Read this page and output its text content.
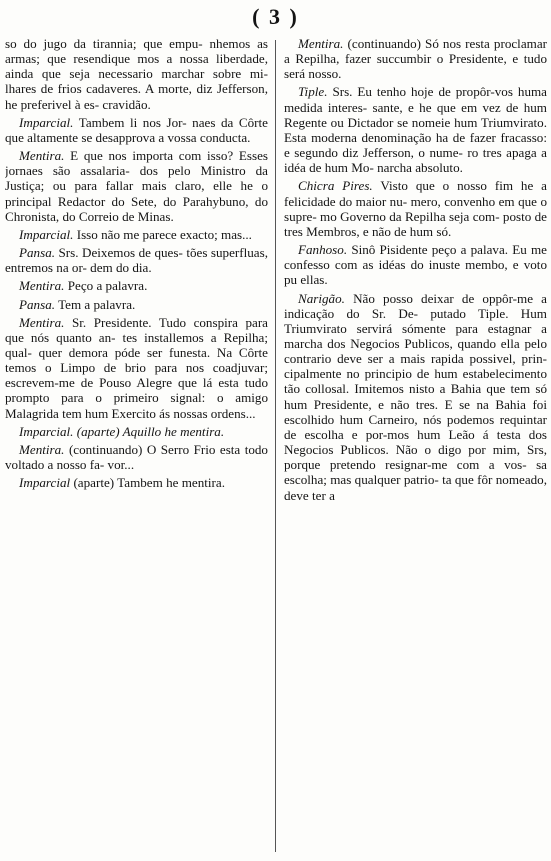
( 3 )

so do jugo da tirannia; que empu- nhemos as armas; que resendique mos a nossa liberdade, ainda que seja necessario marchar sobre mi- lhares de frios cadaveres. A morte, diz Jefferson, he preferivel à es- cravidão.

Imparcial. Tambem li nos Jor- naes da Côrte que altamente se desapprova a vossa conducta.

Mentira. E que nos importa com isso? Esses jornaes são assalaria- dos pelo Ministro da Justiça; ou para fallar mais claro, elle he o principal Redactor do Sete, do Parahybuno, do Chronista, do Correio de Minas.

Imparcial. Isso não me parece exacto; mas...

Pansa. Srs. Deixemos de ques- tões superfluas, entremos na or- dem do dia.

Mentira. Peço a palavra.

Pansa. Tem a palavra.

Mentira. Sr. Presidente. Tudo conspira para que nós quanto an- tes installemos a Repilha; qual- quer demora póde ser funesta. Na Côrte temos o Limpo de brio para nos coadjuvar; escrevem-me de Pouso Alegre que lá esta tudo prompto para o primeiro signal: o amigo Malagrida tem hum Exercito ás nossas ordens...

Imparcial. (aparte) Aquillo he mentira.

Mentira. (continuando) O Serro Frio esta todo voltado a nosso fa- vor...

Imparcial (aparte) Tambem he mentira.

Mentira. (continuando) Só nos resta proclamar a Repilha, fazer succumbir o Presidente, e tudo será nosso.

Tiple. Srs. Eu tenho hoje de propôr-vos huma medida interes- sante, e he que em vez de hum Regente ou Dictador se nomeie hum Triumvirato. Esta moderna denominação ha de fazer fracasso: e segundo diz Jefferson, o nume- ro tres apaga a idéa de hum Mo- narcha absoluto.

Chicra Pires. Visto que o nosso fim he a felicidade do maior nu- mero, convenho em que o supre- mo Governo da Repilha seja com- posto de tres Membros, e não de hum só.

Fanhoso. Sinô Pisidente peço a palava. Eu me confesso com as idéas do inuste membo, e voto pu ellas.

Narigão. Não posso deixar de oppôr-me a indicação do Sr. De- putado Tiple. Hum Triumvirato servirá sómente para estagnar a marcha dos Negocios Publicos, quando ella pelo contrario deve ser a mais rapida possivel, prin- cipalmente no principio de hum estabelecimento tão collosal. Imitemos nisto a Bahia que tem só hum Presidente, e não tres. E se na Bahia foi escolhido hum Carneiro, nós podemos requintar de escolha e por-mos hum Leão á testa dos Negocios Publicos. Não o digo por mim, Srs, porque pretendo resignar-me com a vos- sa escolha; mas qualquer patrio- ta que fôr nomeado, deve ter a
